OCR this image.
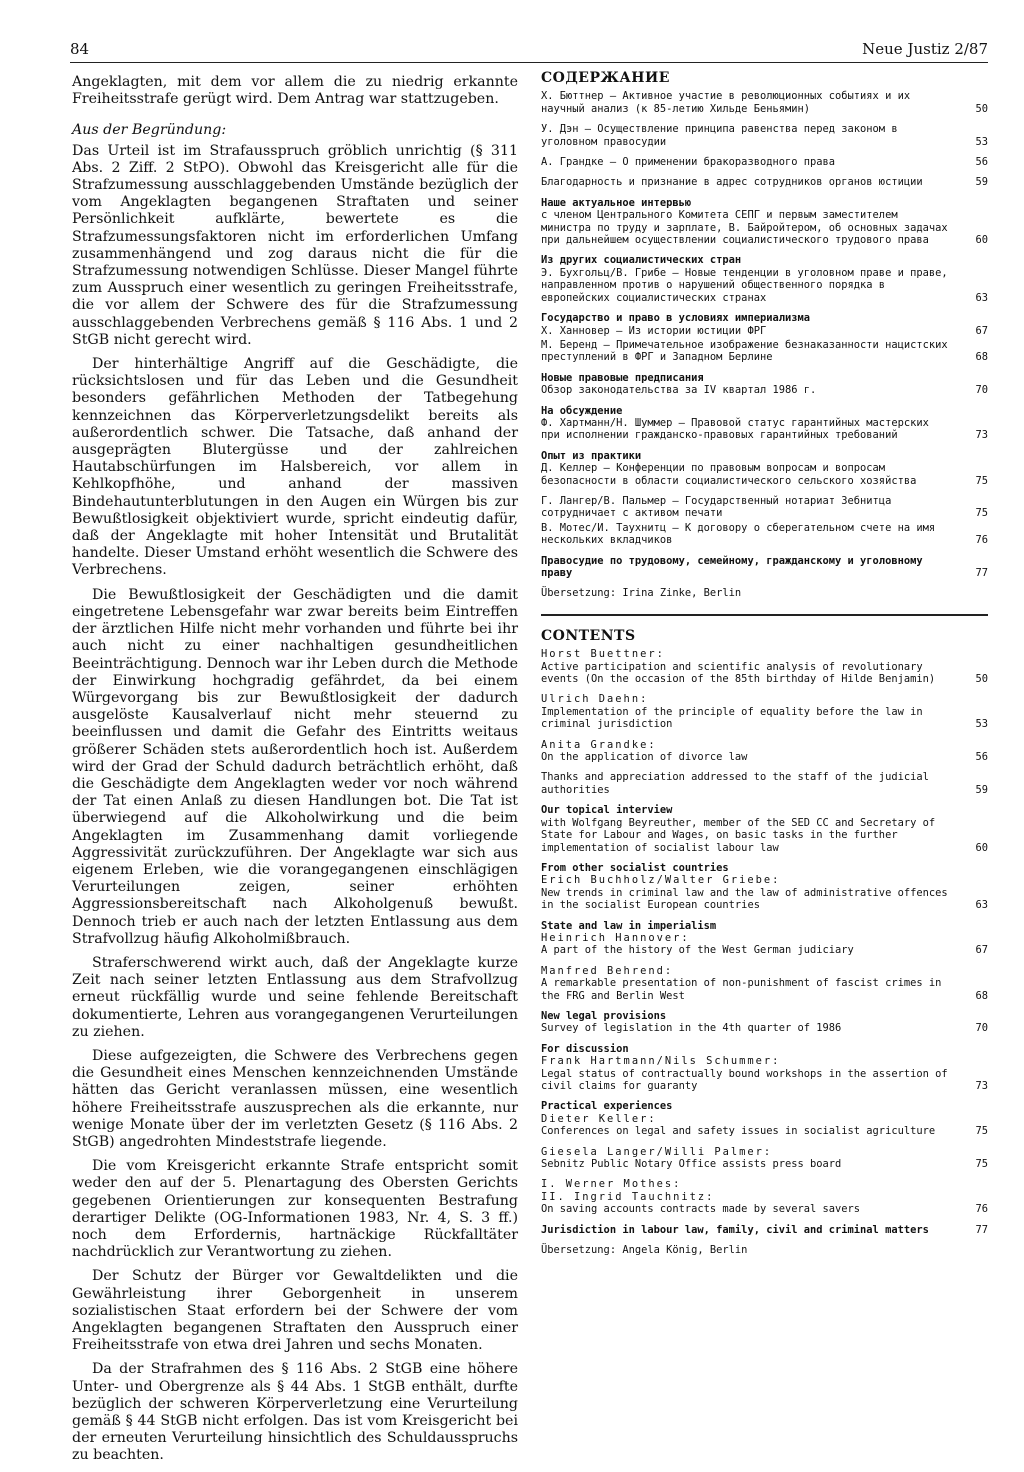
84	Neue Justiz 2/87

Angeklagten, mit dem vor allem die zu niedrig erkannte Freiheitsstrafe gerügt wird. Dem Antrag war stattzugeben.

Aus der Begründung:

Das Urteil ist im Strafausspruch gröblich unrichtig (§ 311 Abs. 2 Ziff. 2 StPO). Obwohl das Kreisgericht alle für die Strafzumessung ausschlaggebenden Umstände bezüglich der vom Angeklagten begangenen Straftaten und seiner Persönlichkeit aufklärte, bewertete es die Strafzumessungsfaktoren nicht im erforderlichen Umfang zusammenhängend und zog daraus nicht die für die Strafzumessung notwendigen Schlüsse. Dieser Mangel führte zum Ausspruch einer wesentlich zu geringen Freiheitsstrafe, die vor allem der Schwere des für die Strafzumessung ausschlaggebenden Verbrechens gemäß § 116 Abs. 1 und 2 StGB nicht gerecht wird.

Der hinterhältige Angriff auf die Geschädigte, die rücksichtslosen und für das Leben und die Gesundheit besonders gefährlichen Methoden der Tatbegehung kennzeichnen das Körperverletzungsdelikt bereits als außerordentlich schwer. Die Tatsache, daß anhand der ausgeprägten Blutergüsse und der zahlreichen Hautabschürfungen im Halsbereich, vor allem in Kehlkopfhöhe, und anhand der massiven Bindehautunterblutungen in den Augen ein Würgen bis zur Bewußtlosigkeit objektiviert wurde, spricht eindeutig dafür, daß der Angeklagte mit hoher Intensität und Brutalität handelte. Dieser Umstand erhöht wesentlich die Schwere des Verbrechens.

Die Bewußtlosigkeit der Geschädigten und die damit eingetretene Lebensgefahr war zwar bereits beim Eintreffen der ärztlichen Hilfe nicht mehr vorhanden und führte bei ihr auch nicht zu einer nachhaltigen gesundheitlichen Beeinträchtigung. Dennoch war ihr Leben durch die Methode der Einwirkung hochgradig gefährdet, da bei einem Würgevorgang bis zur Bewußtlosigkeit der dadurch ausgelöste Kausalverlauf nicht mehr steuernd zu beeinflussen und damit die Gefahr des Eintritts weitaus größerer Schäden stets außerordentlich hoch ist. Außerdem wird der Grad der Schuld dadurch beträchtlich erhöht, daß die Geschädigte dem Angeklagten weder vor noch während der Tat einen Anlaß zu diesen Handlungen bot. Die Tat ist überwiegend auf die Alkoholwirkung und die beim Angeklagten im Zusammenhang damit vorliegende Aggressivität zurückzuführen. Der Angeklagte war sich aus eigenem Erleben, wie die vorangegangenen einschlägigen Verurteilungen zeigen, seiner erhöhten Aggressionsbereitschaft nach Alkoholgenuß bewußt. Dennoch trieb er auch nach der letzten Entlassung aus dem Strafvollzug häufig Alkoholmißbrauch.

Straferschwerend wirkt auch, daß der Angeklagte kurze Zeit nach seiner letzten Entlassung aus dem Strafvollzug erneut rückfällig wurde und seine fehlende Bereitschaft dokumentierte, Lehren aus vorangegangenen Verurteilungen zu ziehen.

Diese aufgezeigten, die Schwere des Verbrechens gegen die Gesundheit eines Menschen kennzeichnenden Umstände hätten das Gericht veranlassen müssen, eine wesentlich höhere Freiheitsstrafe auszusprechen als die erkannte, nur wenige Monate über der im verletzten Gesetz (§ 116 Abs. 2 StGB) angedrohten Mindeststrafe liegende.

Die vom Kreisgericht erkannte Strafe entspricht somit weder den auf der 5. Plenartagung des Obersten Gerichts gegebenen Orientierungen zur konsequenten Bestrafung derartiger Delikte (OG-Informationen 1983, Nr. 4, S. 3 ff.) noch dem Erfordernis, hartnäckige Rückfalltäter nachdrücklich zur Verantwortung zu ziehen.

Der Schutz der Bürger vor Gewaltdelikten und die Gewährleistung ihrer Geborgenheit in unserem sozialistischen Staat erfordern bei der Schwere der vom Angeklagten begangenen Straftaten den Ausspruch einer Freiheitsstrafe von etwa drei Jahren und sechs Monaten.

Da der Strafrahmen des § 116 Abs. 2 StGB eine höhere Unter- und Obergrenze als § 44 Abs. 1 StGB enthält, durfte bezüglich der schweren Körperverletzung eine Verurteilung gemäß § 44 StGB nicht erfolgen. Das ist vom Kreisgericht bei der erneuten Verurteilung hinsichtlich des Schuldausspruchs zu beachten.

СОДЕРЖАНИЕ
Х. Бюттнер — Активное участие в революционных событиях и их научный анализ (к 85-летию Хильде Беньямин)	50
У. Дэн — Осуществление принципа равенства перед законом в уголовном правосудии	53
А. Грандке — О применении бракоразводного права	56
Благодарность и признание в адрес сотрудников органов юстиции	59
Наше актуальное интервью
с членом Центрального Комитета СЕПГ и первым заместителем министра по труду и зарплате, В. Байройтером, об основных задачах при дальнейшем осуществлении социалистического трудового права	60
Из других социалистических стран
Э. Бухгольц/В. Грибе — Новые тенденции в уголовном праве и праве, направленном против о нарушений общественного порядка в европейских социалистических странах	63
Государство и право в условиях империализма
Х. Ханновер — Из истории юстиции ФРГ	67
М. Беренд — Примечательное изображение безнаказанности нацистских преступлений в ФРГ и Западном Берлине	68
Новые правовые предписания
Обзор законодательства за IV квартал 1986 г.	70
На обсуждение
Ф. Хартманн/Н. Шуммер — Правовой статус гарантийных мастерских при исполнении гражданско-правовых гарантийных требований	73
Опыт из практики
Д. Келлер — Конференции по правовым вопросам и вопросам безопасности в области социалистического сельского хозяйства	75
Г. Лангер/В. Пальмер — Государственный нотариат Зебнитца сотрудничает с активом печати	75
В. Мотес/И. Таухнитц — К договору о сберегательном счете на имя нескольких вкладчиков	76
Правосудие по трудовому, семейному, гражданскому и уголовному праву	77
Übersetzung: Irina Zinke, Berlin
CONTENTS
Horst Buettner:
Active participation and scientific analysis of revolutionary events (On the occasion of the 85th birthday of Hilde Benjamin)	50
Ulrich Daehn:
Implementation of the principle of equality before the law in criminal jurisdiction	53
Anita Grandke:
On the application of divorce law	56
Thanks and appreciation addressed to the staff of the judicial authorities	59
Our topical interview
with Wolfgang Beyreuther, member of the SED CC and Secretary of State for Labour and Wages, on basic tasks in the further implementation of socialist labour law	60
From other socialist countries
Erich Buchholz/Walter Griebe:
New trends in criminal law and the law of administrative offences in the socialist European countries	63
State and law in imperialism
Heinrich Hannover:
A part of the history of the West German judiciary	67
Manfred Behrend:
A remarkable presentation of non-punishment of fascist crimes in the FRG and Berlin West	68
New legal provisions
Survey of legislation in the 4th quarter of 1986	70
For discussion
Frank Hartmann/Nils Schummer:
Legal status of contractually bound workshops in the assertion of civil claims for guaranty	73
Practical experiences
Dieter Keller:
Conferences on legal and safety issues in socialist agriculture	75
Giesela Langer/Willi Palmer:
Sebnitz Public Notary Office assists press board	75
I. Werner Mothes:
II. Ingrid Tauchnitz:
On saving accounts contracts made by several savers	76
Jurisdiction in labour law, family, civil and criminal matters	77
Übersetzung: Angela König, Berlin
